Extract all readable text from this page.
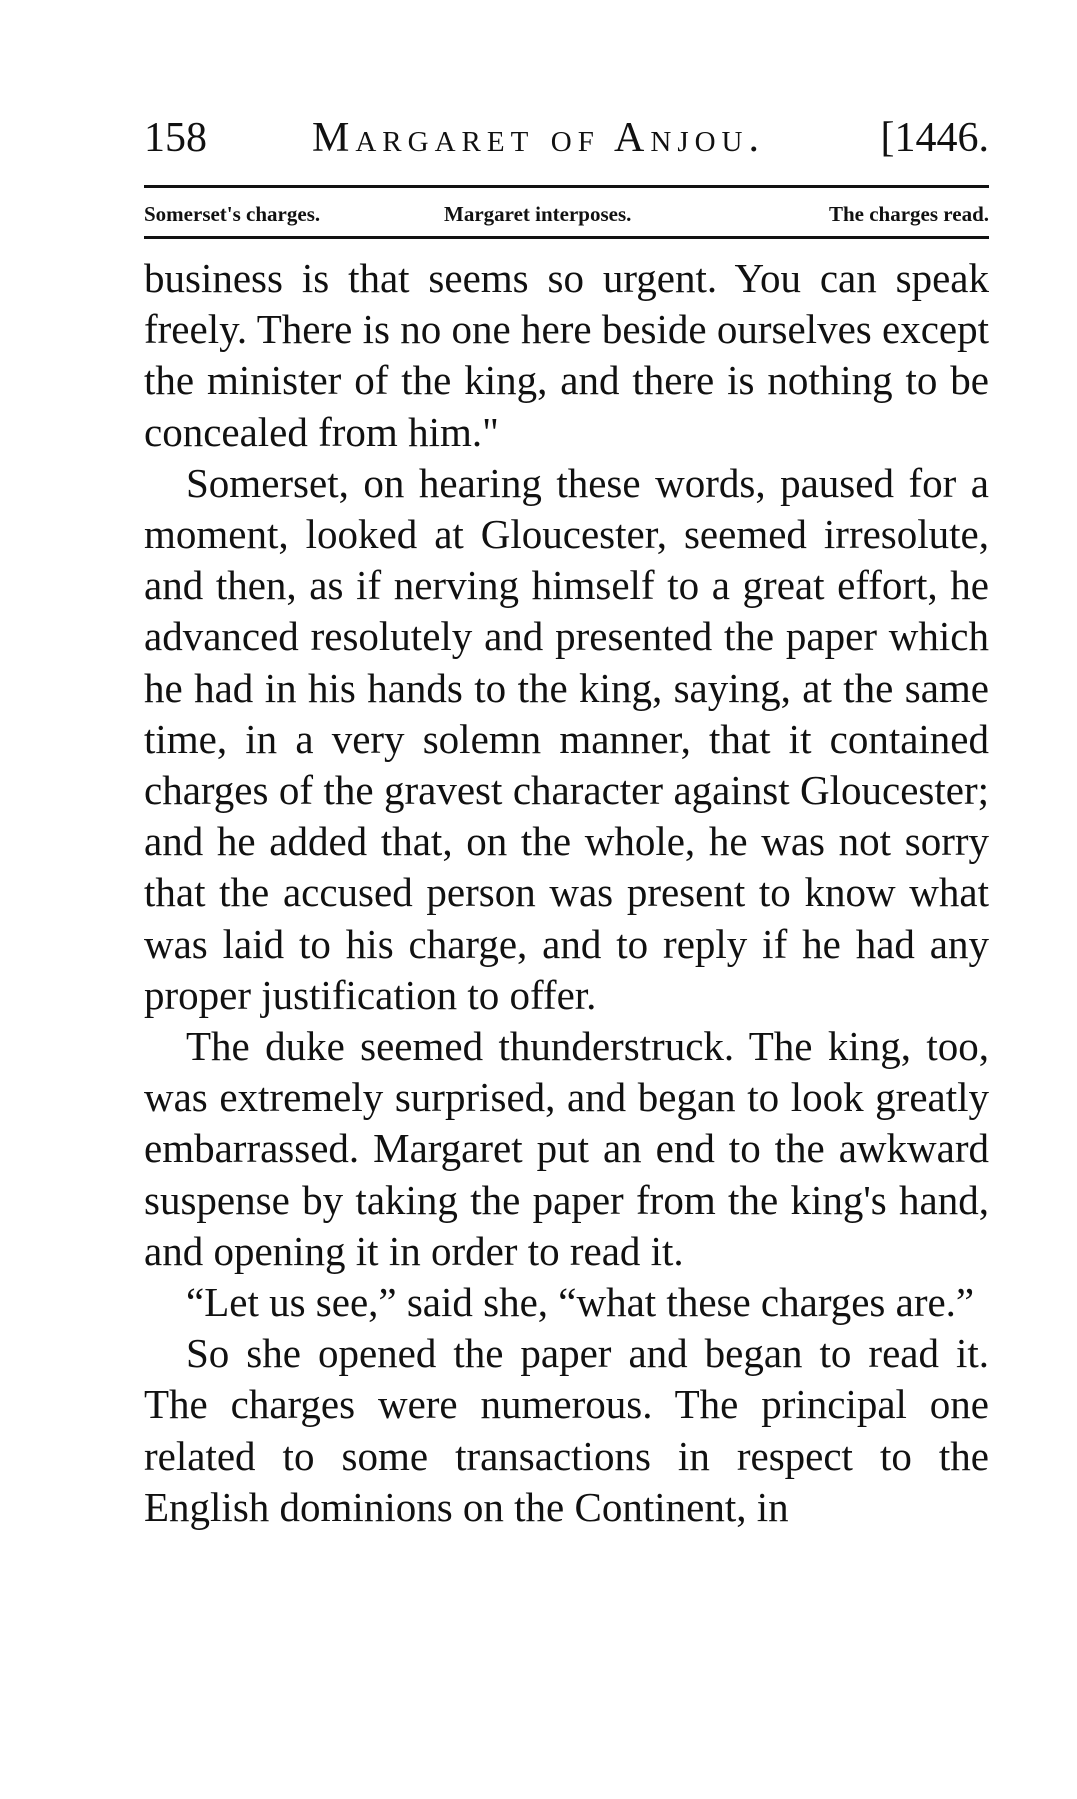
158	Margaret of Anjou.	[1446.
Somerset's charges.	Margaret interposes.	The charges read.

business is that seems so urgent. You can speak freely. There is no one here beside ourselves except the minister of the king, and there is nothing to be concealed from him."

Somerset, on hearing these words, paused for a moment, looked at Gloucester, seemed irresolute, and then, as if nerving himself to a great effort, he advanced resolutely and presented the paper which he had in his hands to the king, saying, at the same time, in a very solemn manner, that it contained charges of the gravest character against Gloucester; and he added that, on the whole, he was not sorry that the accused person was present to know what was laid to his charge, and to reply if he had any proper justification to offer.

The duke seemed thunderstruck. The king, too, was extremely surprised, and began to look greatly embarrassed. Margaret put an end to the awkward suspense by taking the paper from the king's hand, and opening it in order to read it.

“Let us see,” said she, “what these charges are.”

So she opened the paper and began to read it. The charges were numerous. The principal one related to some transactions in respect to the English dominions on the Continent, in
